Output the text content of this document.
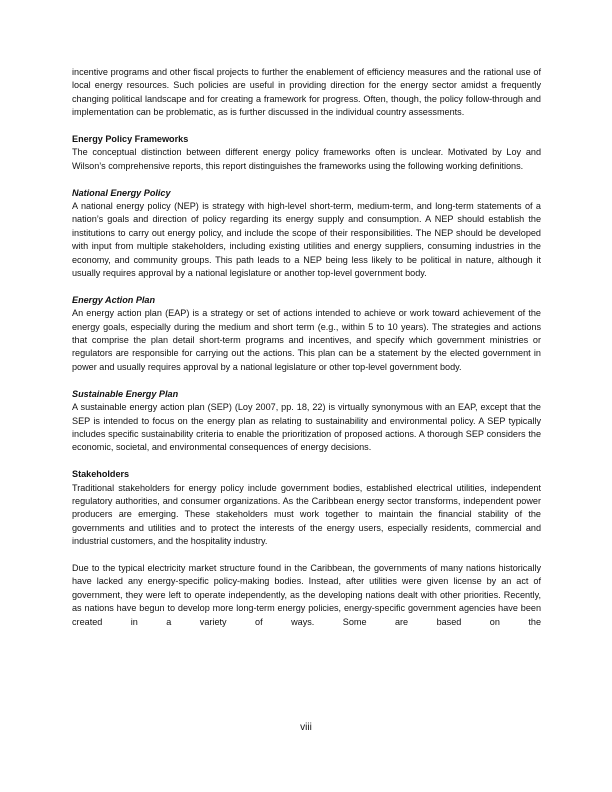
incentive programs and other fiscal projects to further the enablement of efficiency measures and the rational use of local energy resources. Such policies are useful in providing direction for the energy sector amidst a frequently changing political landscape and for creating a framework for progress. Often, though, the policy follow-through and implementation can be problematic, as is further discussed in the individual country assessments.

Energy Policy Frameworks

The conceptual distinction between different energy policy frameworks often is unclear. Motivated by Loy and Wilson’s comprehensive reports, this report distinguishes the frameworks using the following working definitions.

National Energy Policy

A national energy policy (NEP) is strategy with high-level short-term, medium-term, and long-term statements of a nation’s goals and direction of policy regarding its energy supply and consumption. A NEP should establish the institutions to carry out energy policy, and include the scope of their responsibilities. The NEP should be developed with input from multiple stakeholders, including existing utilities and energy suppliers, consuming industries in the economy, and community groups. This path leads to a NEP being less likely to be political in nature, although it usually requires approval by a national legislature or another top-level government body.

Energy Action Plan

An energy action plan (EAP) is a strategy or set of actions intended to achieve or work toward achievement of the energy goals, especially during the medium and short term (e.g., within 5 to 10 years). The strategies and actions that comprise the plan detail short-term programs and incentives, and specify which government ministries or regulators are responsible for carrying out the actions. This plan can be a statement by the elected government in power and usually requires approval by a national legislature or other top-level government body.

Sustainable Energy Plan

A sustainable energy action plan (SEP) (Loy 2007, pp. 18, 22) is virtually synonymous with an EAP, except that the SEP is intended to focus on the energy plan as relating to sustainability and environmental policy. A SEP typically includes specific sustainability criteria to enable the prioritization of proposed actions. A thorough SEP considers the economic, societal, and environmental consequences of energy decisions.

Stakeholders

Traditional stakeholders for energy policy include government bodies, established electrical utilities, independent regulatory authorities, and consumer organizations. As the Caribbean energy sector transforms, independent power producers are emerging. These stakeholders must work together to maintain the financial stability of the governments and utilities and to protect the interests of the energy users, especially residents, commercial and industrial customers, and the hospitality industry.

Due to the typical electricity market structure found in the Caribbean, the governments of many nations historically have lacked any energy-specific policy-making bodies. Instead, after utilities were given license by an act of government, they were left to operate independently, as the developing nations dealt with other priorities. Recently, as nations have begun to develop more long-term energy policies, energy-specific government agencies have been created in a variety of ways. Some are based on the

viii
